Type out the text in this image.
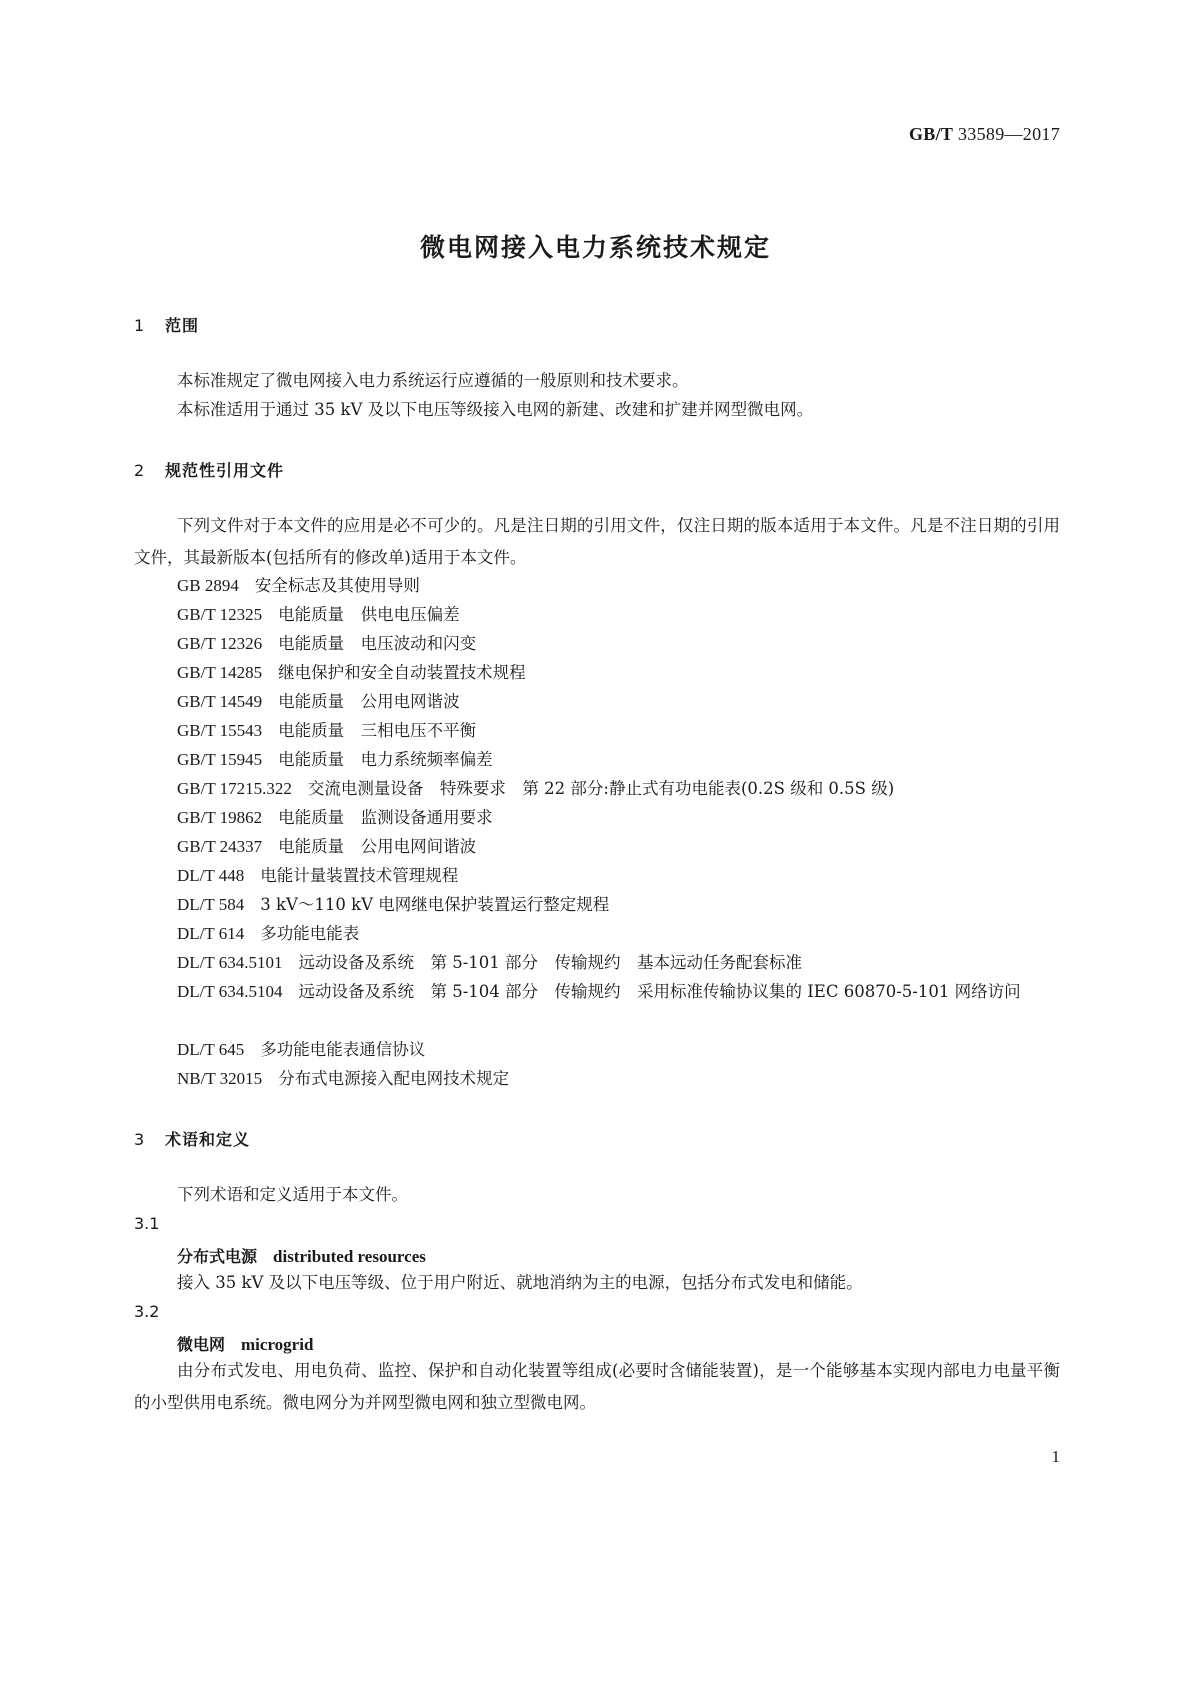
GB/T 33589—2017
微电网接入电力系统技术规定
1 范围
本标准规定了微电网接入电力系统运行应遵循的一般原则和技术要求。
本标准适用于通过 35 kV 及以下电压等级接入电网的新建、改建和扩建并网型微电网。
2 规范性引用文件
下列文件对于本文件的应用是必不可少的。凡是注日期的引用文件，仅注日期的版本适用于本文件。凡是不注日期的引用文件，其最新版本(包括所有的修改单)适用于本文件。
GB 2894 安全标志及其使用导则
GB/T 12325 电能质量　供电电压偏差
GB/T 12326 电能质量　电压波动和闪变
GB/T 14285 继电保护和安全自动装置技术规程
GB/T 14549 电能质量　公用电网谐波
GB/T 15543 电能质量　三相电压不平衡
GB/T 15945 电能质量　电力系统频率偏差
GB/T 17215.322 交流电测量设备　特殊要求　第 22 部分:静止式有功电能表(0.2S 级和 0.5S 级)
GB/T 19862 电能质量　监测设备通用要求
GB/T 24337 电能质量　公用电网间谐波
DL/T 448 电能计量装置技术管理规程
DL/T 584 3 kV～110 kV 电网继电保护装置运行整定规程
DL/T 614 多功能电能表
DL/T 634.5101 远动设备及系统　第 5-101 部分　传输规约　基本远动任务配套标准
DL/T 634.5104 远动设备及系统　第 5-104 部分　传输规约　采用标准传输协议集的 IEC 60870-5-101 网络访问
DL/T 645 多功能电能表通信协议
NB/T 32015 分布式电源接入配电网技术规定
3 术语和定义
下列术语和定义适用于本文件。
3.1
分布式电源 distributed resources
接入 35 kV 及以下电压等级、位于用户附近、就地消纳为主的电源，包括分布式发电和储能。
3.2
微电网 microgrid
由分布式发电、用电负荷、监控、保护和自动化装置等组成(必要时含储能装置)，是一个能够基本实现内部电力电量平衡的小型供用电系统。微电网分为并网型微电网和独立型微电网。
1
